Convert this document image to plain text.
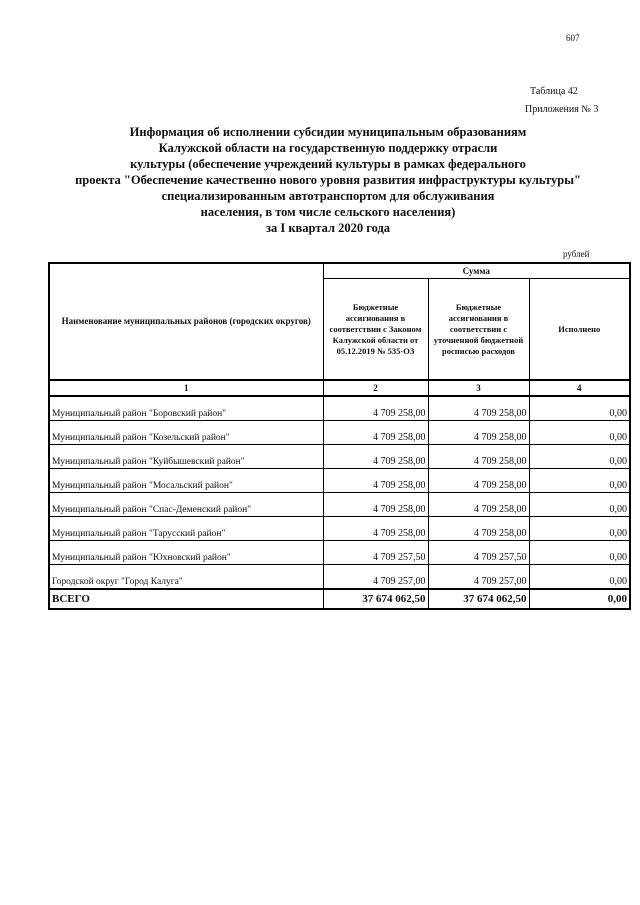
607
Таблица 42
Приложения № 3
Информация об исполнении субсидии муниципальным образованиям
Калужской области на государственную поддержку отрасли
культуры (обеспечение учреждений культуры в рамках федерального
проекта "Обеспечение качественно нового уровня развития инфраструктуры культуры"
специализированным автотранспортом для обслуживания
населения, в том числе сельского населения)
за I квартал 2020 года
рублей
Наименование муниципальных районов (городских округов)	Сумма		
	Бюджетные ассигнования в соответствии с Законом Калужской области от 05.12.2019 № 535-ОЗ	Бюджетные ассигнования в соответствии с уточненной бюджетной росписью расходов	Исполнено
1	2	3	4
Муниципальный район "Боровский район"	4 709 258,00	4 709 258,00	0,00
Муниципальный район "Козельский район"	4 709 258,00	4 709 258,00	0,00
Муниципальный район "Куйбышевский район"	4 709 258,00	4 709 258,00	0,00
Муниципальный район "Мосальский район"	4 709 258,00	4 709 258,00	0,00
Муниципальный район "Спас-Деменский район"	4 709 258,00	4 709 258,00	0,00
Муниципальный район "Тарусский район"	4 709 258,00	4 709 258,00	0,00
Муниципальный район "Юхновский район"	4 709 257,50	4 709 257,50	0,00
Городской округ "Город Калуга"	4 709 257,00	4 709 257,00	0,00
ВСЕГО	37 674 062,50	37 674 062,50	0,00
